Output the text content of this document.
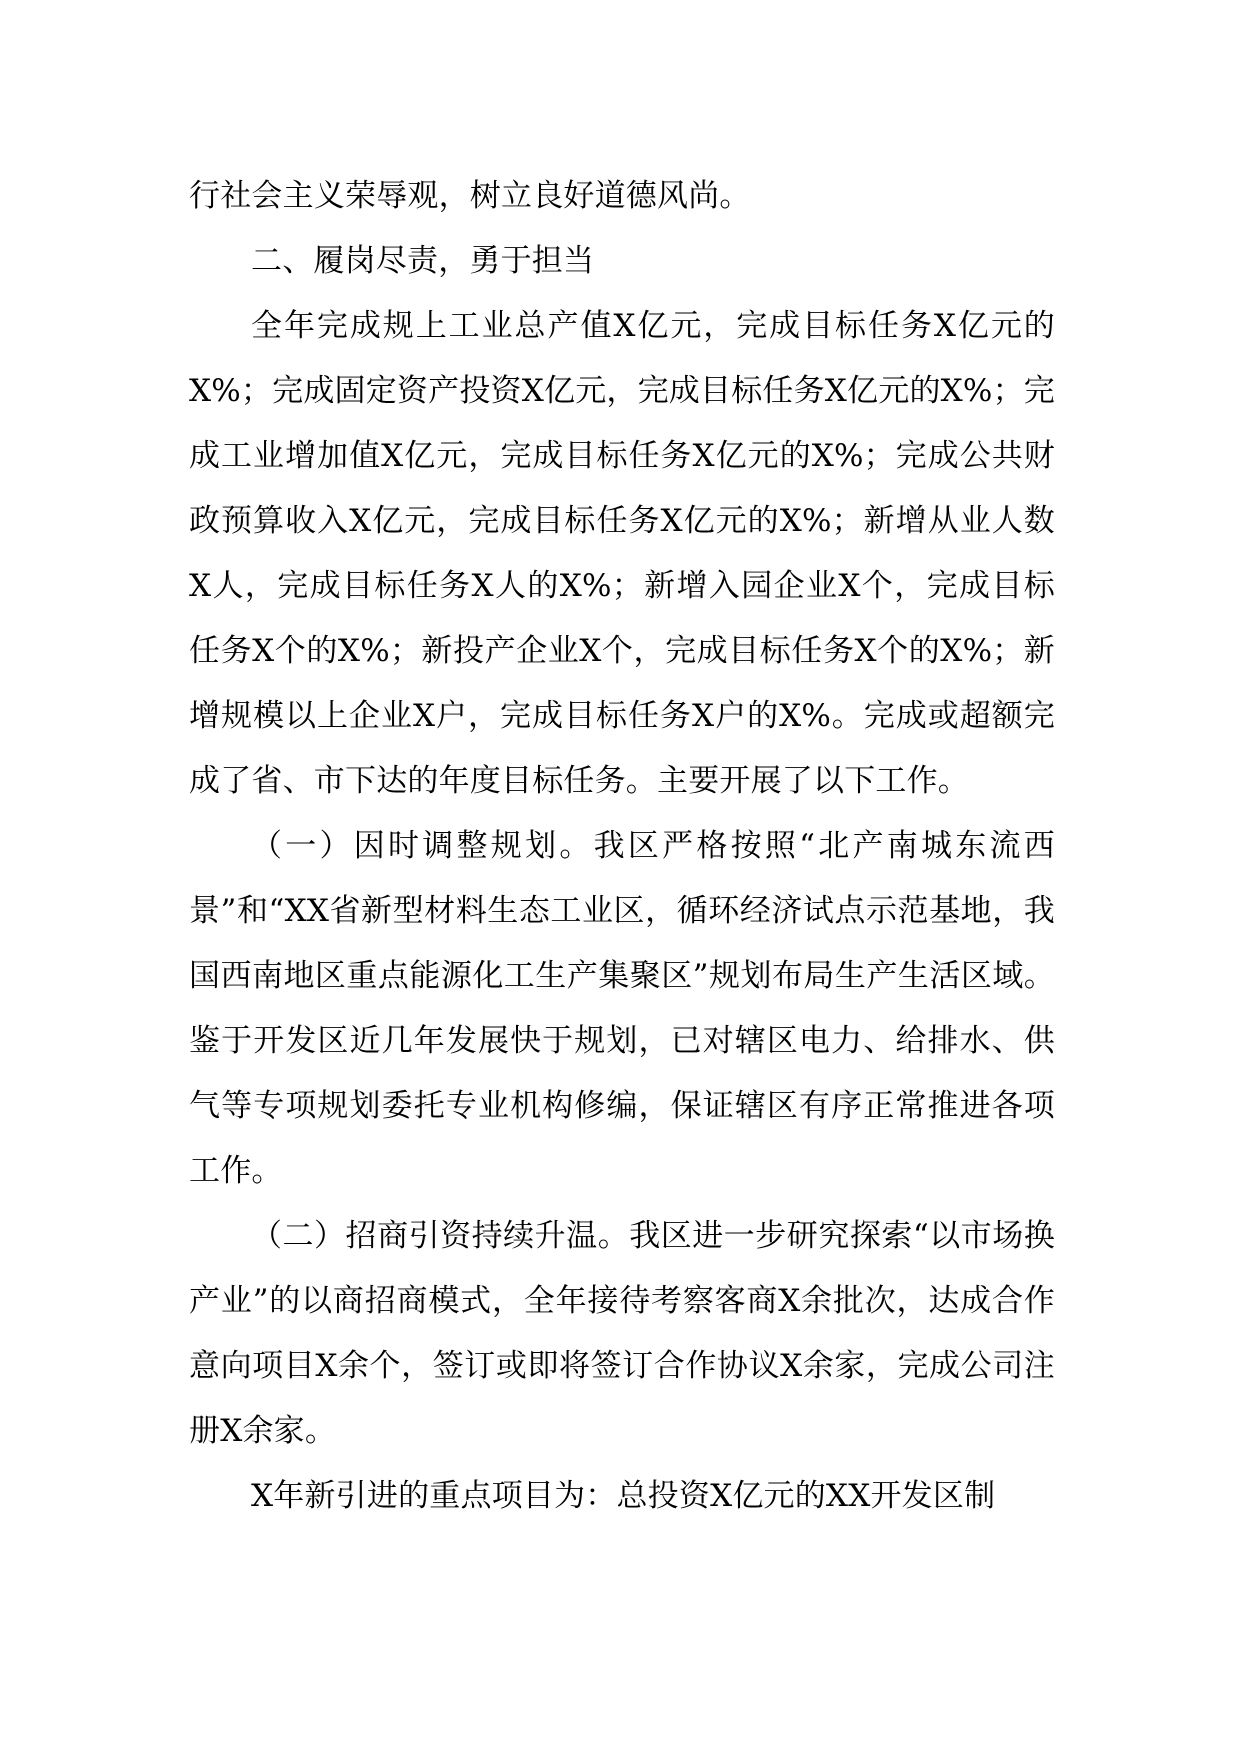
行社会主义荣辱观，树立良好道德风尚。

二、履岗尽责，勇于担当

全年完成规上工业总产值X亿元，完成目标任务X亿元的X%；完成固定资产投资X亿元，完成目标任务X亿元的X%；完成工业增加值X亿元，完成目标任务X亿元的X%；完成公共财政预算收入X亿元，完成目标任务X亿元的X%；新增从业人数X人，完成目标任务X人的X%；新增入园企业X个，完成目标任务X个的X%；新投产企业X个，完成目标任务X个的X%；新增规模以上企业X户，完成目标任务X户的X%。完成或超额完成了省、市下达的年度目标任务。主要开展了以下工作。

（一）因时调整规划。我区严格按照“北产南城东流西景”和“XX省新型材料生态工业区，循环经济试点示范基地，我国西南地区重点能源化工生产集聚区”规划布局生产生活区域。鉴于开发区近几年发展快于规划，已对辖区电力、给排水、供气等专项规划委托专业机构修编，保证辖区有序正常推进各项工作。

（二）招商引资持续升温。我区进一步研究探索“以市场换产业”的以商招商模式，全年接待考察客商X余批次，达成合作意向项目X余个，签订或即将签订合作协议X余家，完成公司注册X余家。

X年新引进的重点项目为：总投资X亿元的XX开发区制
